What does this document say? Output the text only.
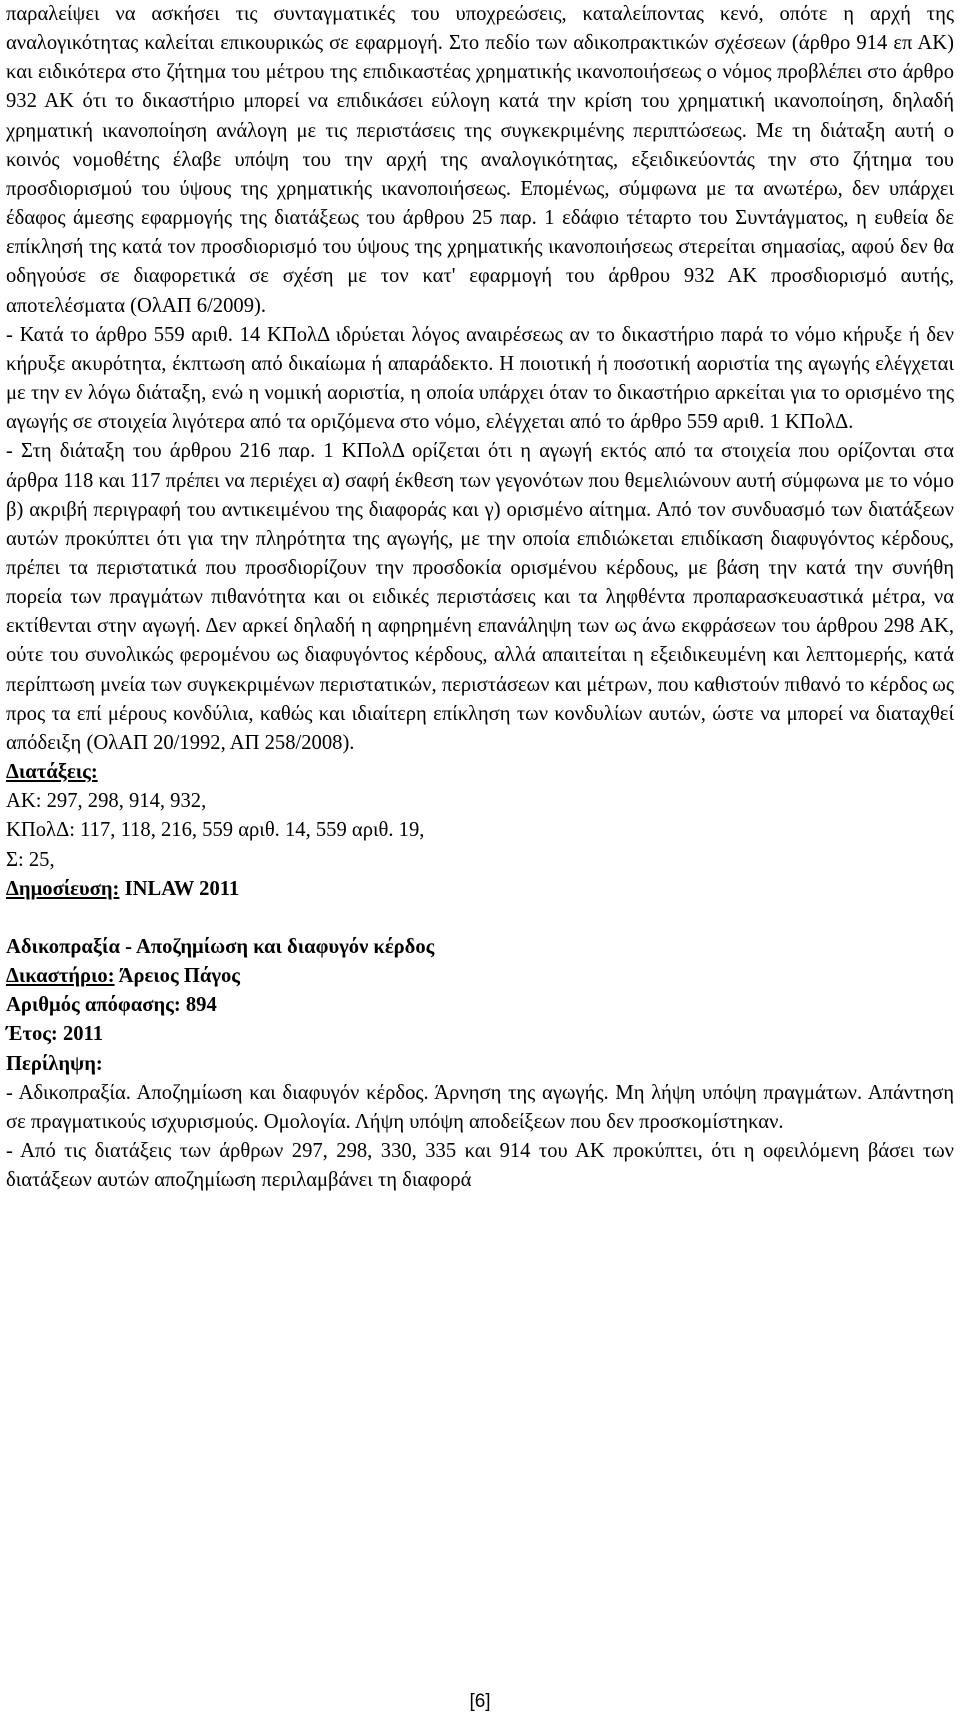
παραλείψει να ασκήσει τις συνταγματικές του υποχρεώσεις, καταλείποντας κενό, οπότε η αρχή της αναλογικότητας καλείται επικουρικώς σε εφαρμογή. Στο πεδίο των αδικοπρακτικών σχέσεων (άρθρο 914 επ ΑΚ) και ειδικότερα στο ζήτημα του μέτρου της επιδικαστέας χρηματικής ικανοποιήσεως ο νόμος προβλέπει στο άρθρο 932 ΑΚ ότι το δικαστήριο μπορεί να επιδικάσει εύλογη κατά την κρίση του χρηματική ικανοποίηση, δηλαδή χρηματική ικανοποίηση ανάλογη με τις περιστάσεις της συγκεκριμένης περιπτώσεως. Με τη διάταξη αυτή ο κοινός νομοθέτης έλαβε υπόψη του την αρχή της αναλογικότητας, εξειδικεύοντάς την στο ζήτημα του προσδιορισμού του ύψους της χρηματικής ικανοποιήσεως. Επομένως, σύμφωνα με τα ανωτέρω, δεν υπάρχει έδαφος άμεσης εφαρμογής της διατάξεως του άρθρου 25 παρ. 1 εδάφιο τέταρτο του Συντάγματος, η ευθεία δε επίκλησή της κατά τον προσδιορισμό του ύψους της χρηματικής ικανοποιήσεως στερείται σημασίας, αφού δεν θα οδηγούσε σε διαφορετικά σε σχέση με τον κατ' εφαρμογή του άρθρου 932 ΑΚ προσδιορισμό αυτής, αποτελέσματα (ΟλΑΠ 6/2009).

- Κατά το άρθρο 559 αριθ. 14 ΚΠολΔ ιδρύεται λόγος αναιρέσεως αν το δικαστήριο παρά το νόμο κήρυξε ή δεν κήρυξε ακυρότητα, έκπτωση από δικαίωμα ή απαράδεκτο. Η ποιοτική ή ποσοτική αοριστία της αγωγής ελέγχεται με την εν λόγω διάταξη, ενώ η νομική αοριστία, η οποία υπάρχει όταν το δικαστήριο αρκείται για το ορισμένο της αγωγής σε στοιχεία λιγότερα από τα οριζόμενα στο νόμο, ελέγχεται από το άρθρο 559 αριθ. 1 ΚΠολΔ.

- Στη διάταξη του άρθρου 216 παρ. 1 ΚΠολΔ ορίζεται ότι η αγωγή εκτός από τα στοιχεία που ορίζονται στα άρθρα 118 και 117 πρέπει να περιέχει α) σαφή έκθεση των γεγονότων που θεμελιώνουν αυτή σύμφωνα με το νόμο β) ακριβή περιγραφή του αντικειμένου της διαφοράς και γ) ορισμένο αίτημα. Από τον συνδυασμό των διατάξεων αυτών προκύπτει ότι για την πληρότητα της αγωγής, με την οποία επιδιώκεται επιδίκαση διαφυγόντος κέρδους, πρέπει τα περιστατικά που προσδιορίζουν την προσδοκία ορισμένου κέρδους, με βάση την κατά την συνήθη πορεία των πραγμάτων πιθανότητα και οι ειδικές περιστάσεις και τα ληφθέντα προπαρασκευαστικά μέτρα, να εκτίθενται στην αγωγή. Δεν αρκεί δηλαδή η αφηρημένη επανάληψη των ως άνω εκφράσεων του άρθρου 298 ΑΚ, ούτε του συνολικώς φερομένου ως διαφυγόντος κέρδους, αλλά απαιτείται η εξειδικευμένη και λεπτομερής, κατά περίπτωση μνεία των συγκεκριμένων περιστατικών, περιστάσεων και μέτρων, που καθιστούν πιθανό το κέρδος ως προς τα επί μέρους κονδύλια, καθώς και ιδιαίτερη επίκληση των κονδυλίων αυτών, ώστε να μπορεί να διαταχθεί απόδειξη (ΟλΑΠ 20/1992, ΑΠ 258/2008).

Διατάξεις:

ΑΚ: 297, 298, 914, 932,

ΚΠολΔ: 117, 118, 216, 559 αριθ. 14, 559 αριθ. 19,

Σ: 25,

Δημοσίευση: INLAW 2011

Αδικοπραξία - Αποζημίωση και διαφυγόν κέρδος

Δικαστήριο: Άρειος Πάγος

Αριθμός απόφασης: 894

Έτος: 2011

Περίληψη:

- Αδικοπραξία. Αποζημίωση και διαφυγόν κέρδος. Άρνηση της αγωγής. Μη λήψη υπόψη πραγμάτων. Απάντηση σε πραγματικούς ισχυρισμούς. Ομολογία. Λήψη υπόψη αποδείξεων που δεν προσκομίστηκαν.

- Από τις διατάξεις των άρθρων 297, 298, 330, 335 και 914 του ΑΚ προκύπτει, ότι η οφειλόμενη βάσει των διατάξεων αυτών αποζημίωση περιλαμβάνει τη διαφορά

[6]
